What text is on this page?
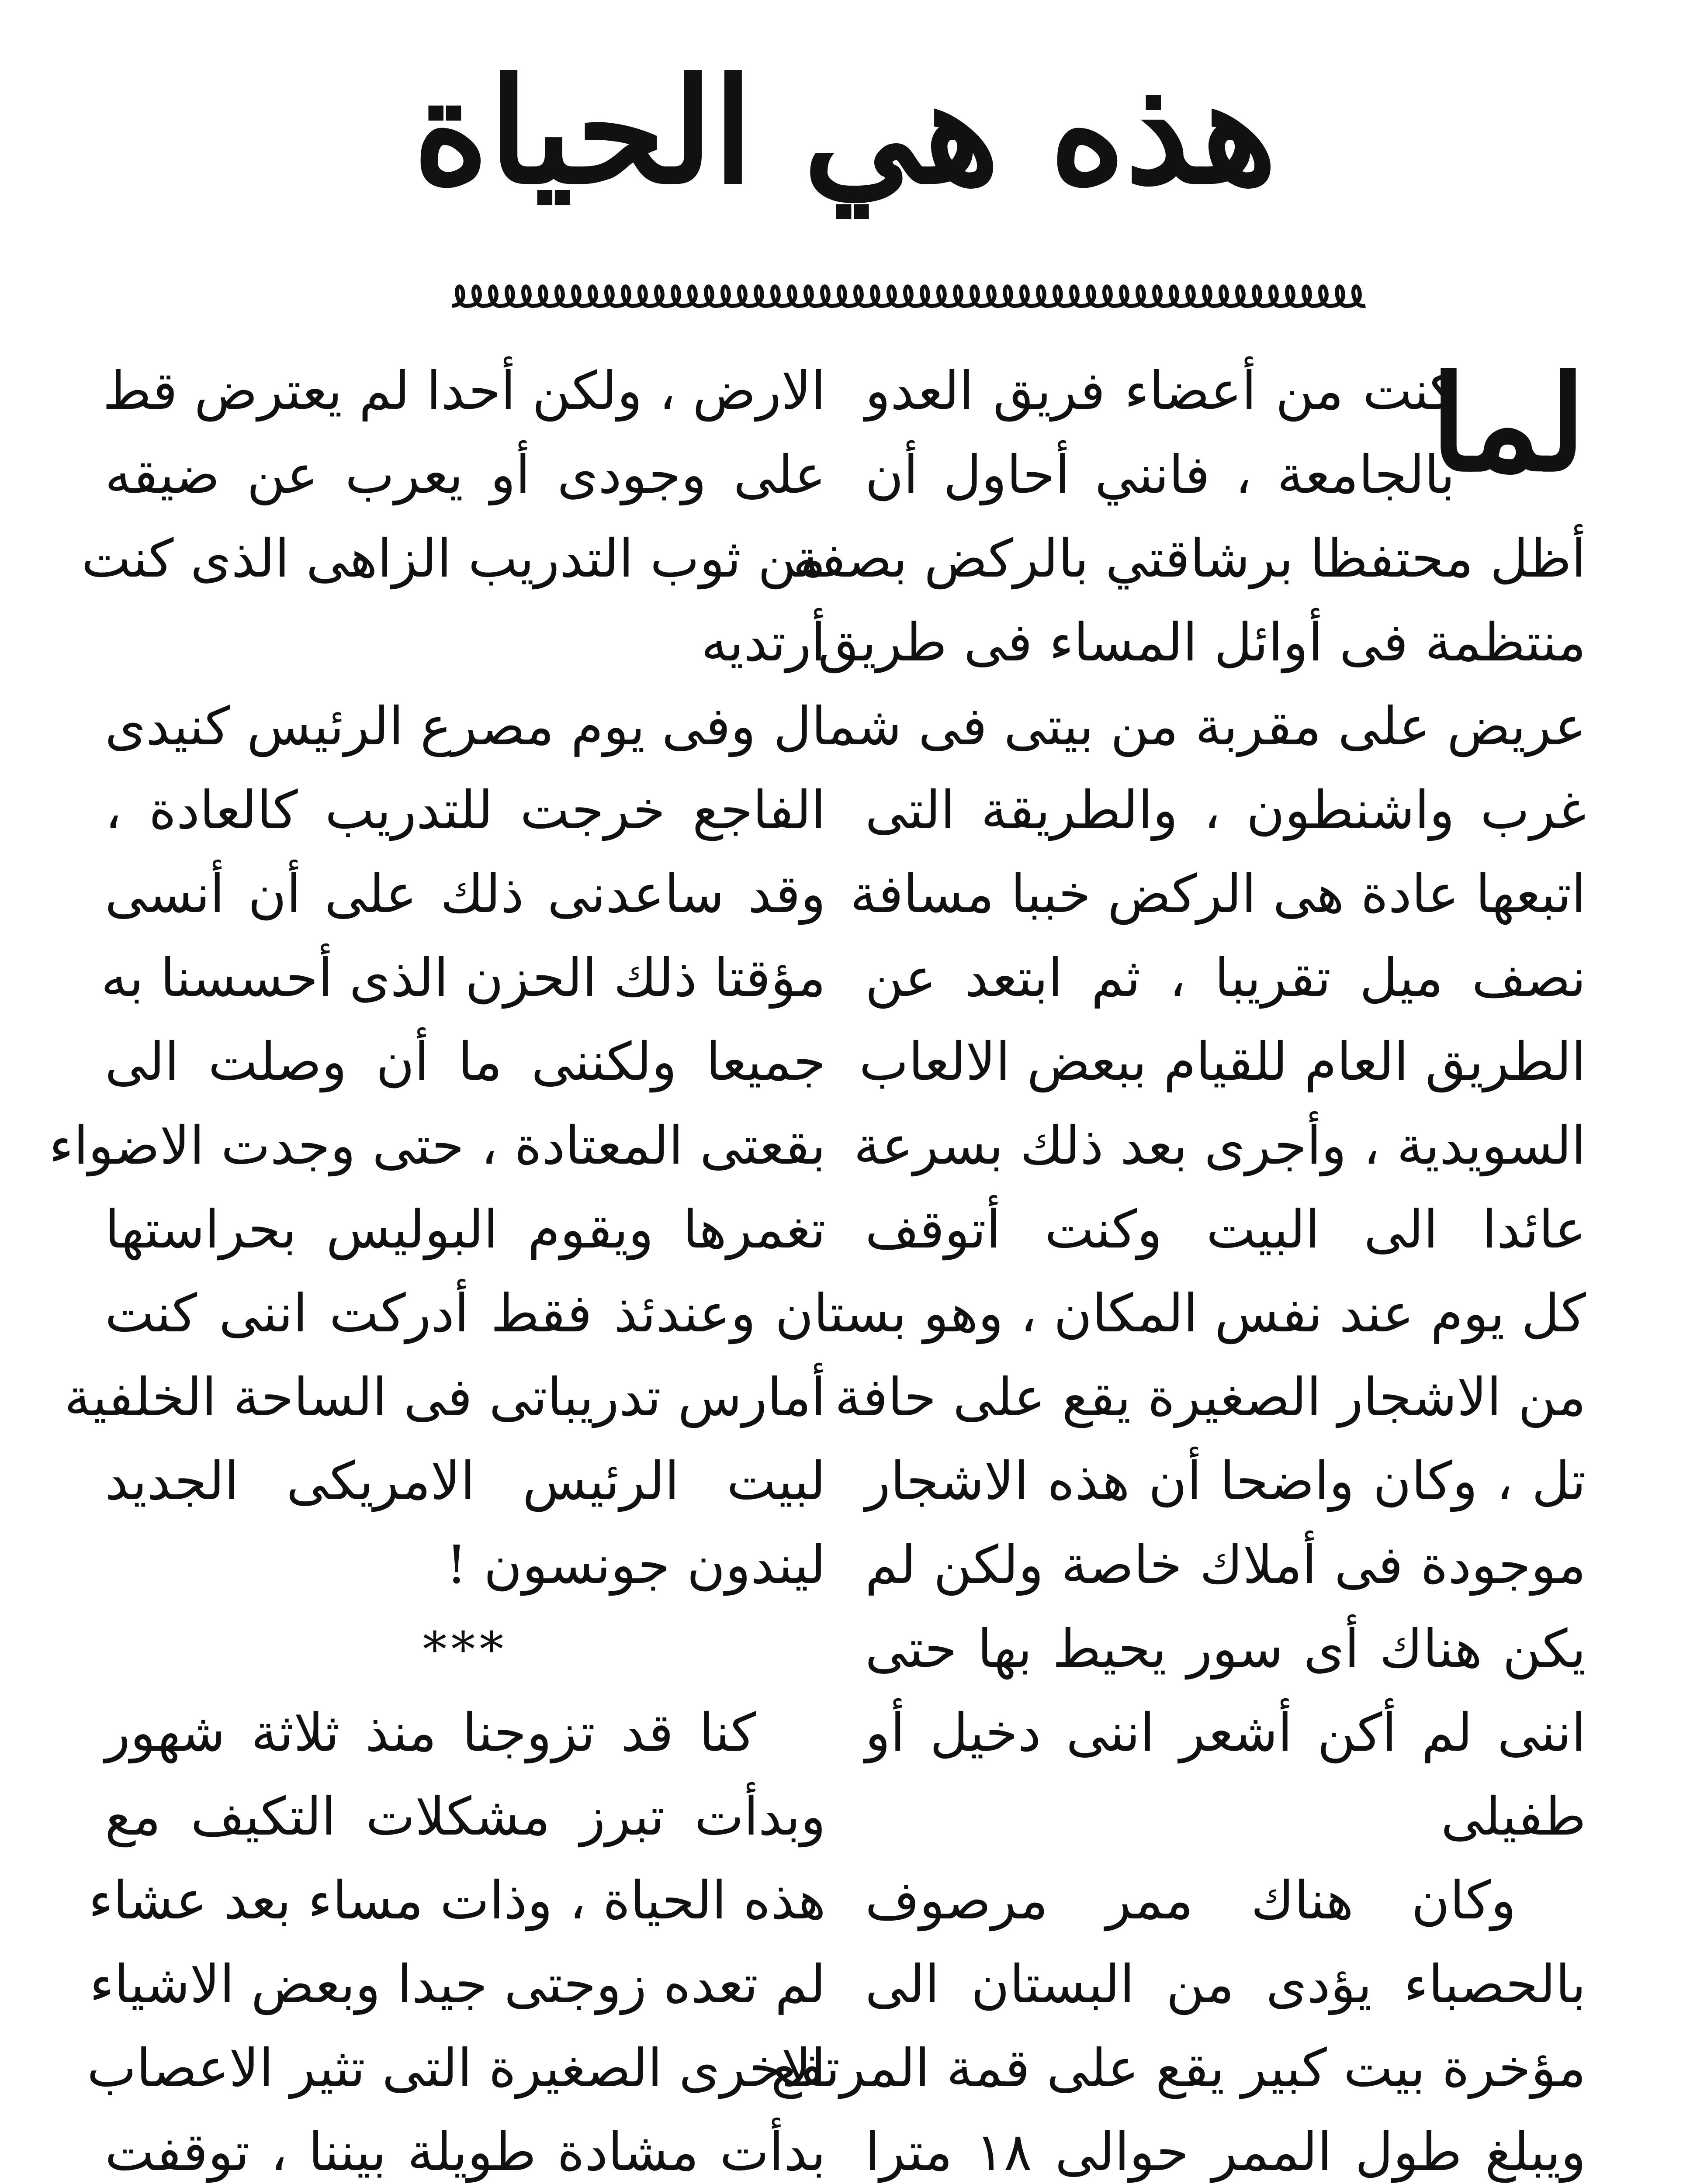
هذه هي الحياة
كنت من أعضاء فريق العدو
لما
بالجامعة ، فانني أحاول أن
أظل محتفظا برشاقتي بالركض بصفة
منتظمة فى أوائل المساء فى طريق
عريض على مقربة من بيتى فى شمال
غرب واشنطون ، والطريقة التى
اتبعها عادة هى الركض خببا مسافة
نصف ميل تقريبا ، ثم ابتعد عن
الطريق العام للقيام ببعض الالعاب
السويدية ، وأجرى بعد ذلك بسرعة
عائدا الى البيت وكنت أتوقف
كل يوم عند نفس المكان ، وهو بستان
من الاشجار الصغيرة يقع على حافة
تل ، وكان واضحا أن هذه الاشجار
موجودة فى أملاك خاصة ولكن لم
يكن هناك أى سور يحيط بها حتى
اننى لم أكن أشعر اننى دخيل أو
طفيلى
وكان هناك ممر مرصوف
بالحصباء يؤدى من البستان الى
مؤخرة بيت كبير يقع على قمة المرتفع
ويبلغ طول الممر حوالى ١٨ مترا
الارض ، ولكن أحدا لم يعترض قط
على وجودى أو يعرب عن ضيقه
من ثوب التدريب الزاهى الذى كنت
أرتديه
وفى يوم مصرع الرئيس كنيدى
الفاجع خرجت للتدريب كالعادة ،
وقد ساعدنى ذلك على أن أنسى
مؤقتا ذلك الحزن الذى أحسسنا به
جميعا ولكننى ما أن وصلت الى
بقعتى المعتادة ، حتى وجدت الاضواء
تغمرها ويقوم البوليس بحراستها
وعندئذ فقط أدركت اننى كنت
أمارس تدريباتى فى الساحة الخلفية
لبيت الرئيس الامريكى الجديد
ليندون جونسون !
***
كنا قد تزوجنا منذ ثلاثة شهور
وبدأت تبرز مشكلات التكيف مع
هذه الحياة ، وذات مساء بعد عشاء
لم تعده زوجتى جيدا وبعض الاشياء
الاخرى الصغيرة التى تثير الاعصاب
بدأت مشادة طويلة بيننا ، توقفت
